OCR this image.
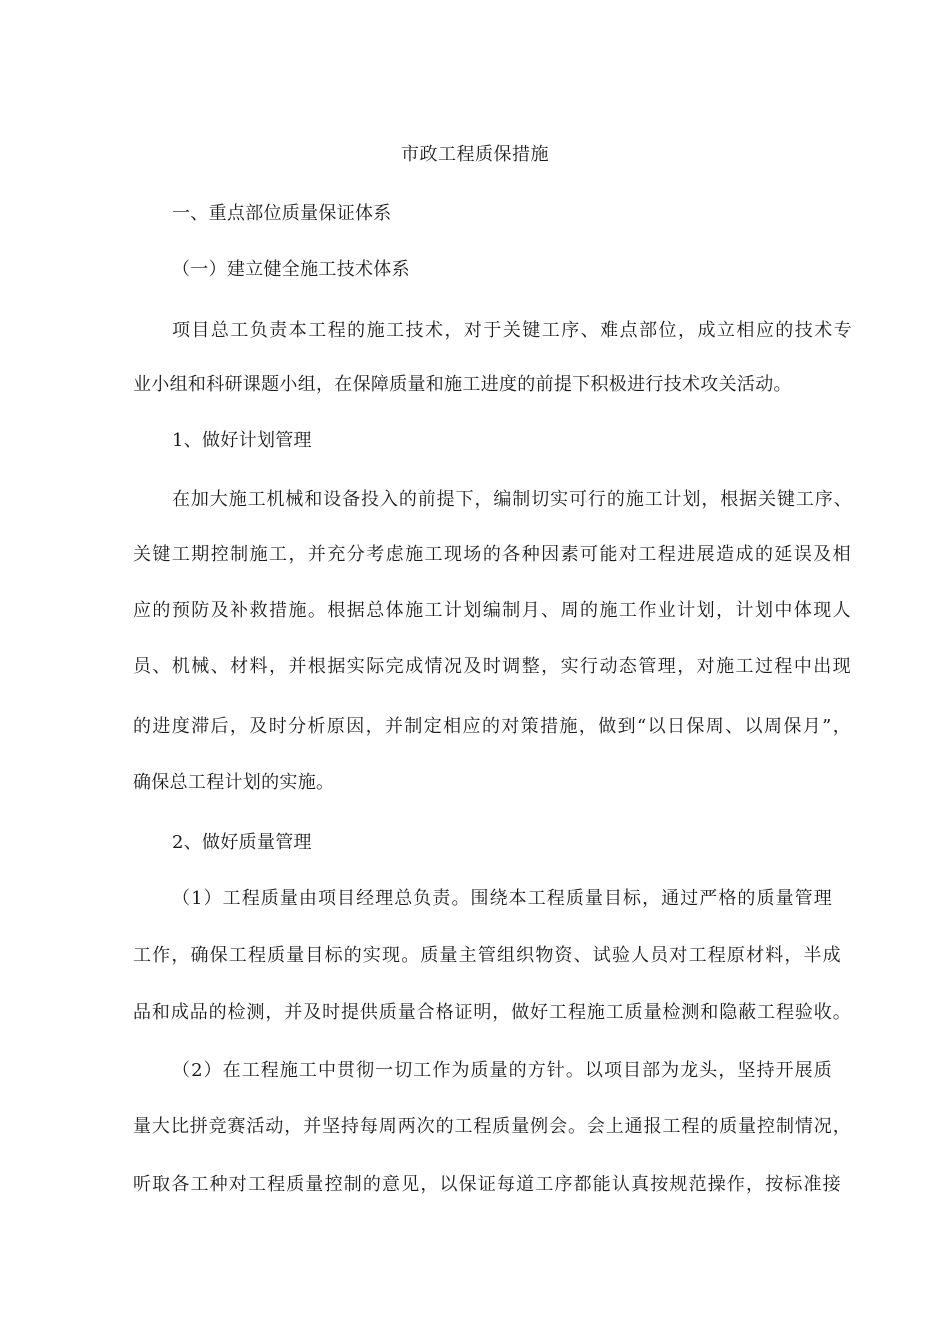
市政工程质保措施
一、重点部位质量保证体系
（一）建立健全施工技术体系
项目总工负责本工程的施工技术，对于关键工序、难点部位，成立相应的技术专
业小组和科研课题小组，在保障质量和施工进度的前提下积极进行技术攻关活动。
1、做好计划管理
在加大施工机械和设备投入的前提下，编制切实可行的施工计划，根据关键工序、
关键工期控制施工，并充分考虑施工现场的各种因素可能对工程进展造成的延误及相
应的预防及补救措施。根据总体施工计划编制月、周的施工作业计划，计划中体现人
员、机械、材料，并根据实际完成情况及时调整，实行动态管理，对施工过程中出现
的进度滞后，及时分析原因，并制定相应的对策措施，做到“以日保周、以周保月”，
确保总工程计划的实施。
2、做好质量管理
（1）工程质量由项目经理总负责。围绕本工程质量目标，通过严格的质量管理
工作，确保工程质量目标的实现。质量主管组织物资、试验人员对工程原材料，半成
品和成品的检测，并及时提供质量合格证明，做好工程施工质量检测和隐蔽工程验收。
（2）在工程施工中贯彻一切工作为质量的方针。以项目部为龙头，坚持开展质
量大比拼竞赛活动，并坚持每周两次的工程质量例会。会上通报工程的质量控制情况，
听取各工种对工程质量控制的意见，以保证每道工序都能认真按规范操作，按标准接
